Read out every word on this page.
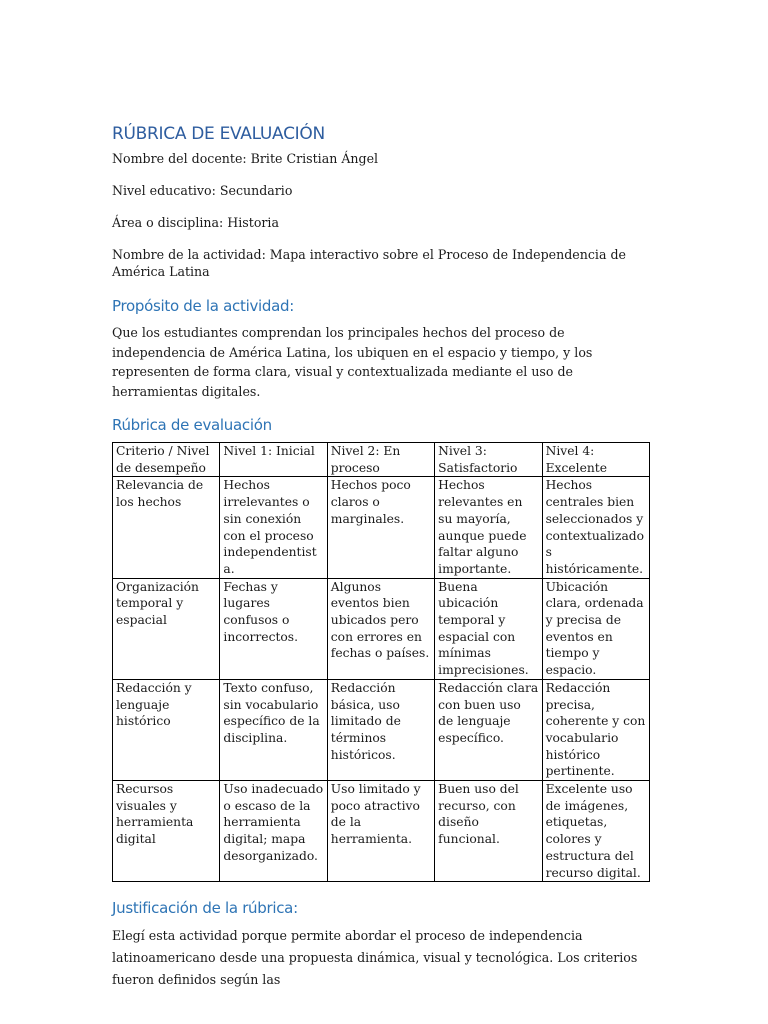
RÚBRICA DE EVALUACIÓN

Nombre del docente: Brite Cristian Ángel

Nivel educativo: Secundario

Área o disciplina: Historia

Nombre de la actividad: Mapa interactivo sobre el Proceso de Independencia de América Latina

Propósito de la actividad:

Que los estudiantes comprendan los principales hechos del proceso de independencia de América Latina, los ubiquen en el espacio y tiempo, y los representen de forma clara, visual y contextualizada mediante el uso de herramientas digitales.

Rúbrica de evaluación
Criterio / Nivel de desempeño	Nivel 1: Inicial	Nivel 2: En proceso	Nivel 3: Satisfactorio	Nivel 4: Excelente
Relevancia de los hechos	Hechos irrelevantes o sin conexión con el proceso independentista.	Hechos poco claros o marginales.	Hechos relevantes en su mayoría, aunque puede faltar alguno importante.	Hechos centrales bien seleccionados y contextualizados históricamente.
Organización temporal y espacial	Fechas y lugares confusos o incorrectos.	Algunos eventos bien ubicados pero con errores en fechas o países.	Buena ubicación temporal y espacial con mínimas imprecisiones.	Ubicación clara, ordenada y precisa de eventos en tiempo y espacio.
Redacción y lenguaje histórico	Texto confuso, sin vocabulario específico de la disciplina.	Redacción básica, uso limitado de términos históricos.	Redacción clara con buen uso de lenguaje específico.	Redacción precisa, coherente y con vocabulario histórico pertinente.
Recursos visuales y herramienta digital	Uso inadecuado o escaso de la herramienta digital; mapa desorganizado.	Uso limitado y poco atractivo de la herramienta.	Buen uso del recurso, con diseño funcional.	Excelente uso de imágenes, etiquetas, colores y estructura del recurso digital.
Justificación de la rúbrica:

Elegí esta actividad porque permite abordar el proceso de independencia latinoamericano desde una propuesta dinámica, visual y tecnológica. Los criterios fueron definidos según las
